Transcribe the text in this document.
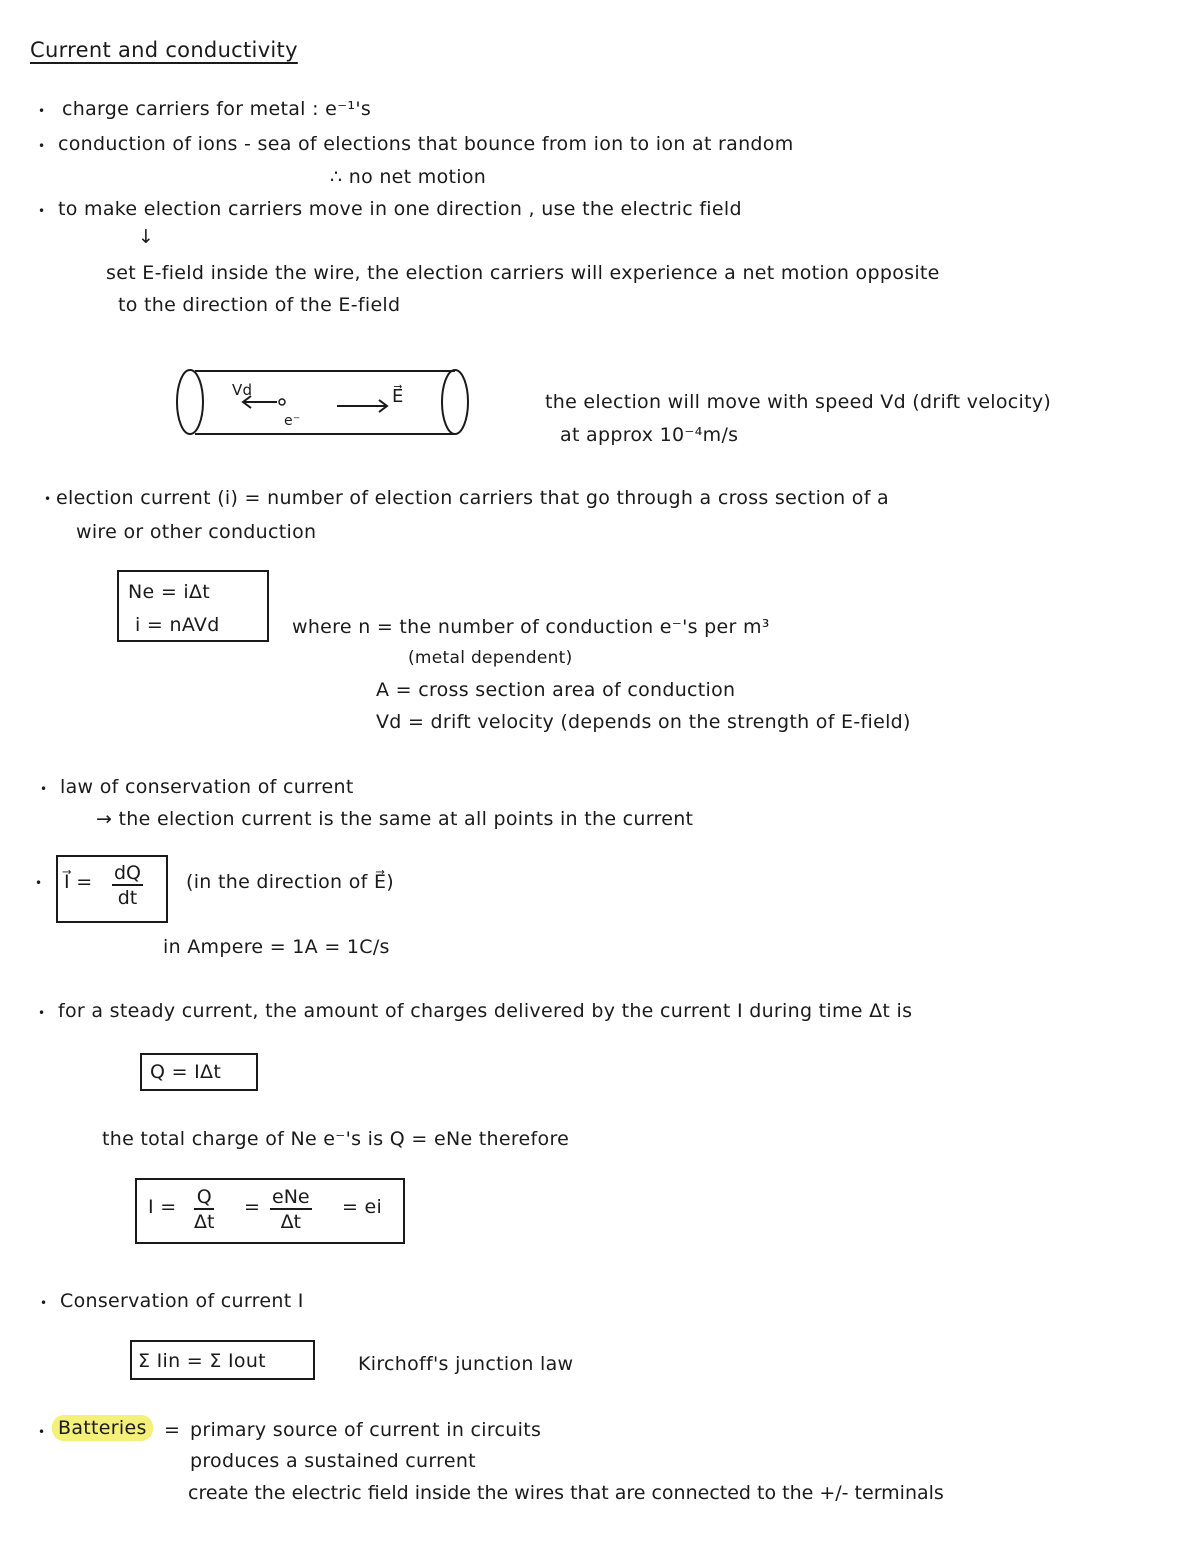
Current and conductivity
• charge carriers for metal : e⁻¹'s
• conduction of ions - sea of elections that bounce from ion to ion at random
∴ no net motion
• to make election carriers move in one direction , use the electric field
↓
set E-field inside the wire, the election carriers will experience a net motion opposite
to the direction of the E-field
Vd
e⁻
E⃗	the election will move with speed Vd (drift velocity)
at approx 10⁻⁴m/s
• election current (i) = number of election carriers that go through a cross section of a
wire or other conduction
Ne = iΔt
i = nAVd	where n = the number of conduction e⁻'s per m³
(metal dependent)
A = cross section area of conduction
Vd = drift velocity (depends on the strength of E-field)
• law of conservation of current
→ the election current is the same at all points in the current
• I⃗ = $\frac{dQ}{dt} (in$ the direction of E⃗)
in Ampere = 1A = 1C/s
• for a steady current, the amount of charges delivered by the current I during time Δt is
Q = IΔt
the total charge of Ne e⁻'s is Q = eNe therefore
$I = \frac{Q}{\Delta t}$ = eNe
Δt
= ei
• Conservation of current I
Σ Iin = Σ Iout	Kirchoff's junction law
• Batteries = primary source of current in circuits
produces a sustained current
create the electric field inside the wires that are connected to the +/- terminals
